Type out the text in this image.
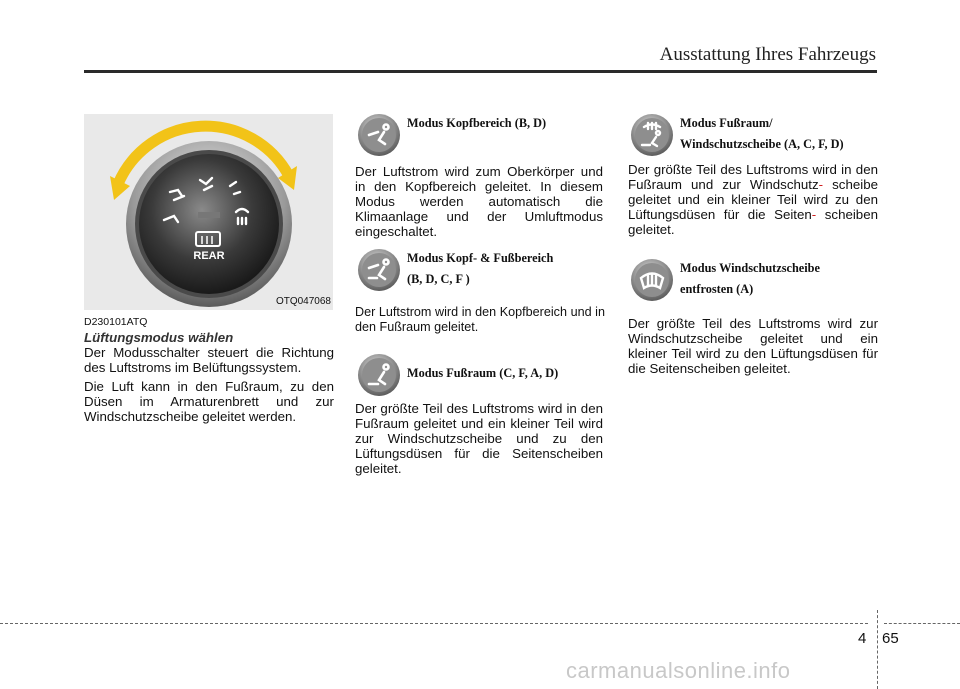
Ausstattung Ihres Fahrzeugs
REAR
OTQ047068

D230101ATQ

Lüftungsmodus wählen

Der Modusschalter steuert die Richtung des Luftstroms im Belüftungssystem.

Die Luft kann in den Fußraum, zu den Düsen im Armaturenbrett und zur Windschutzscheibe geleitet werden.

Modus Kopfbereich (B, D)
Der Luftstrom wird zum Oberkörper und in den Kopfbereich geleitet. In diesem Modus werden automatisch die Klimaanlage und der Umluftmodus eingeschaltet.
Modus Kopf- & Fußbereich
(B, D, C, F )
Der Luftstrom wird in den Kopfbereich und in den Fußraum geleitet.
Modus Fußraum (C, F, A, D)
Der größte Teil des Luftstroms wird in den Fußraum geleitet und ein kleiner Teil wird zur Windschutzscheibe und zu den Lüftungsdüsen für die Seitenscheiben geleitet.
Modus Fußraum/
Windschutzscheibe (A, C, F, D)
Der größte Teil des Luftstroms wird in den Fußraum und zur Windschutz- scheibe geleitet und ein kleiner Teil wird zu den Lüftungsdüsen für die Seiten- scheiben geleitet.
Modus Windschutzscheibe
entfrosten (A)
Der größte Teil des Luftstroms wird zur Windschutzscheibe geleitet und ein kleiner Teil wird zu den Lüftungsdüsen für die Seitenscheiben geleitet.
4 65
carmanualsonline.info
